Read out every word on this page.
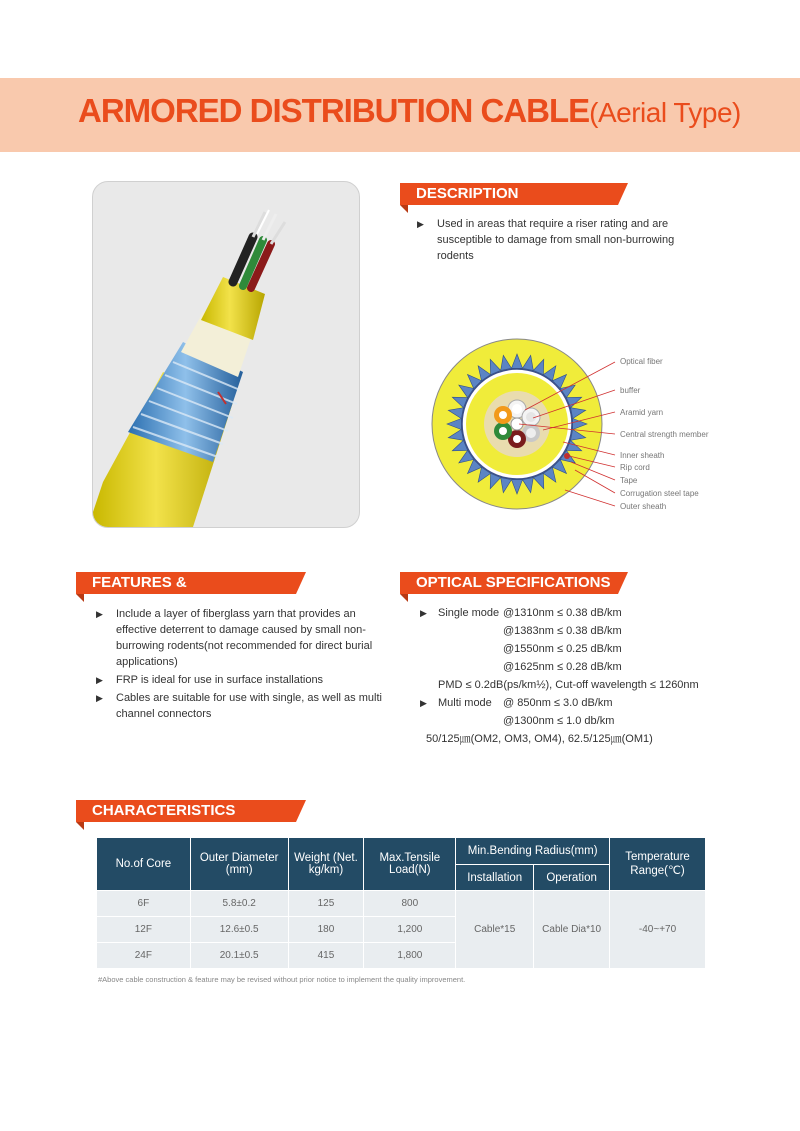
ARMORED DISTRIBUTION CABLE(Aerial Type)
DESCRIPTION
▶ Used in areas that require a riser rating and are susceptible to damage from small non-burrowing rodents
Optical fiber
buffer
Aramid yarn
Central strength member
Inner sheath
Rip cord
Tape
Corrugation steel tape
Outer sheath
FEATURES & APPLICATIONS
▶ Include a layer of fiberglass yarn that provides an effective deterrent to damage caused by small non-burrowing rodents(not recommended for direct burial applications)
▶ FRP is ideal for use in surface installations
▶ Cables are suitable for use with single, as well as multi channel connectors
OPTICAL SPECIFICATIONS
▶ Single mode @1310nm ≤ 0.38 dB/km
@1383nm ≤ 0.38 dB/km
@1550nm ≤ 0.25 dB/km
@1625nm ≤ 0.28 dB/km
PMD ≤ 0.2dB(ps/km½), Cut-off wavelength ≤ 1260nm
▶ Multi mode @ 850nm ≤ 3.0 dB/km
@1300nm ≤ 1.0 db/km
50/125㎛(OM2, OM3, OM4), 62.5/125㎛(OM1)
CHARACTERISTICS
No.of Core	Outer Diameter (mm)	Weight (Net. kg/km)	Max.Tensile Load(N)	Min.Bending Radius(mm)		Temperature Range(℃)
				Installation	Operation	
6F	5.8±0.2	125	800	Cable*15	Cable Dia*10	-40~+70
12F	12.6±0.5	180	1,200			
24F	20.1±0.5	415	1,800			
#Above cable construction & feature may be revised without prior notice to implement the quality improvement.
